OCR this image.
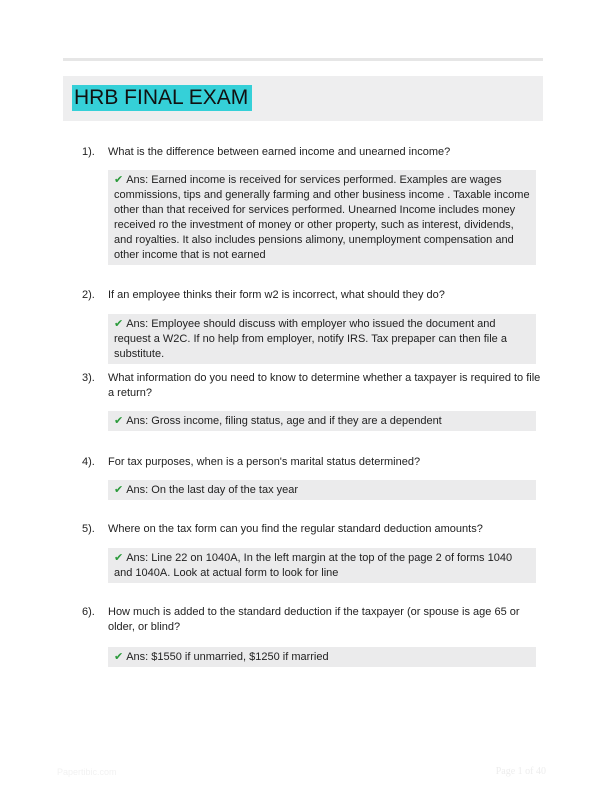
HRB FINAL EXAM
1). What is the difference between earned income and unearned income?
✔ Ans: Earned income is received for services performed. Examples are wages commissions, tips and generally farming and other business income . Taxable income other than that received for services performed. Unearned Income includes money received ro the investment of money or other property, such as interest, dividends, and royalties. It also includes pensions alimony, unemployment compensation and other income that is not earned
2). If an employee thinks their form w2 is incorrect, what should they do?
✔ Ans: Employee should discuss with employer who issued the document and request a W2C. If no help from employer, notify IRS. Tax prepaper can then file a substitute.
3). What information do you need to know to determine whether a taxpayer is required to file a return?
✔ Ans: Gross income, filing status, age and if they are a dependent
4). For tax purposes, when is a person's marital status determined?
✔ Ans: On the last day of the tax year
5). Where on the tax form can you find the regular standard deduction amounts?
✔ Ans: Line 22 on 1040A, In the left margin at the top of the page 2 of forms 1040 and 1040A. Look at actual form to look for line
6). How much is added to the standard deduction if the taxpayer (or spouse is age 65 or older, or blind?
✔ Ans: $1550 if unmarried, $1250 if married
Papertibic.com	Page 1 of 40
